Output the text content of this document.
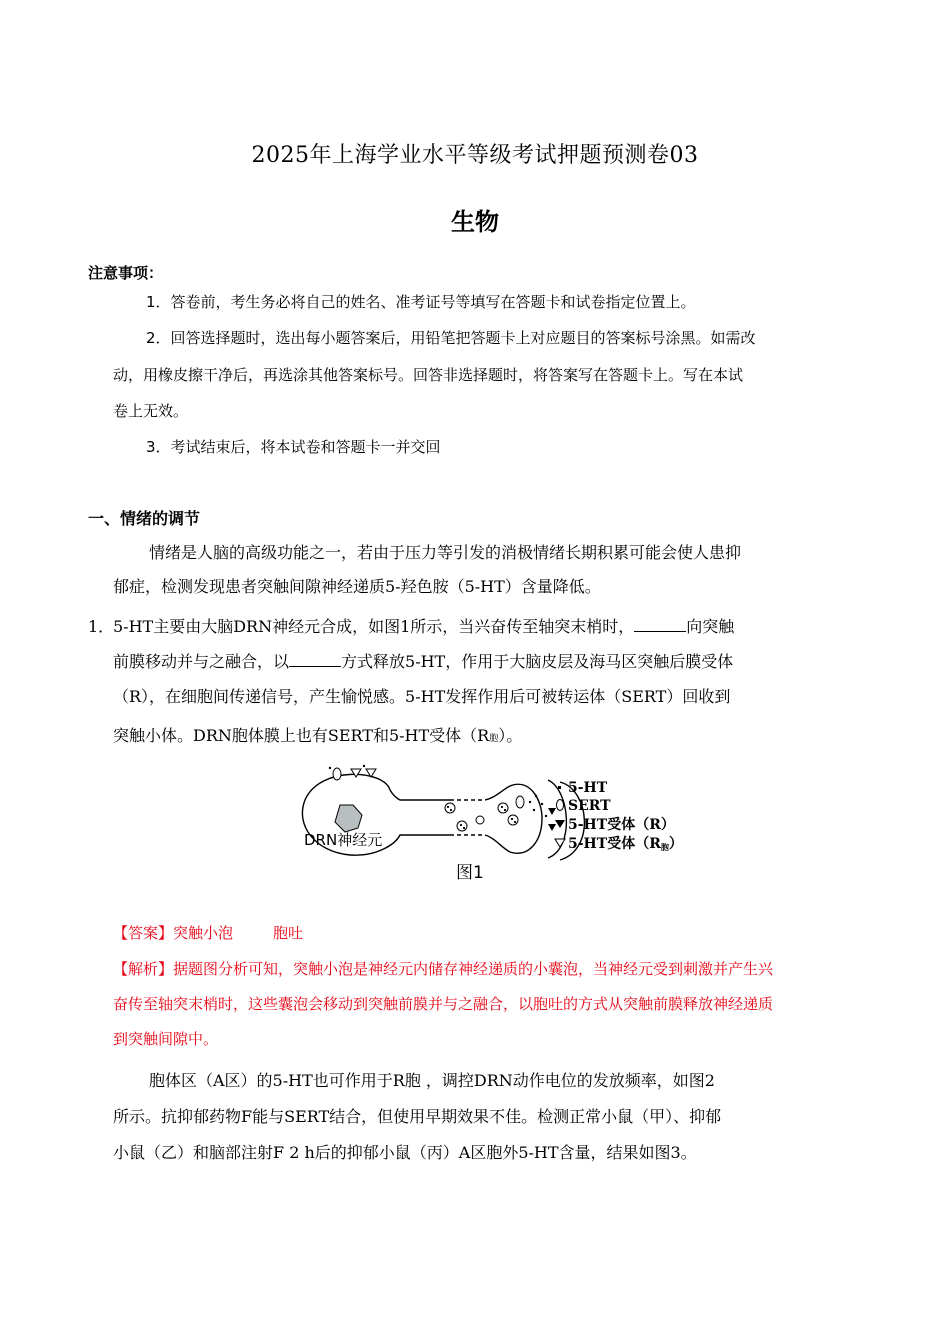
2025年上海学业水平等级考试押题预测卷03
生物
注意事项：
1．答卷前，考生务必将自己的姓名、准考证号等填写在答题卡和试卷指定位置上。
2．回答选择题时，选出每小题答案后，用铅笔把答题卡上对应题目的答案标号涂黑。如需改
动，用橡皮擦干净后，再选涂其他答案标号。回答非选择题时，将答案写在答题卡上。写在本试
卷上无效。
3．考试结束后，将本试卷和答题卡一并交回
一、情绪的调节
情绪是人脑的高级功能之一，若由于压力等引发的消极情绪长期积累可能会使人患抑
郁症，检测发现患者突触间隙神经递质5-羟色胺（5-HT）含量降低。
1．
5-HT主要由大脑DRN神经元合成，如图1所示，当兴奋传至轴突末梢时，	向突触
前膜移动并与之融合，以	方式释放5-HT，作用于大脑皮层及海马区突触后膜受体
（R），在细胞间传递信号，产生愉悦感。5-HT发挥作用后可被转运体（SERT）回收到
突触小体。DRN胞体膜上也有SERT和5-HT受体（R胞）。
DRN神经元
5-HT
SERT
5-HT受体（R）
5-HT受体（R胞）
图1
【答案】突触小泡	胞吐
【解析】据题图分析可知，突触小泡是神经元内储存神经递质的小囊泡，当神经元受到刺激并产生兴
奋传至轴突末梢时，这些囊泡会移动到突触前膜并与之融合，以胞吐的方式从突触前膜释放神经递质
到突触间隙中。
胞体区（A区）的5-HT也可作用于R胞 ，调控DRN动作电位的发放频率，如图2
所示。抗抑郁药物F能与SERT结合，但使用早期效果不佳。检测正常小鼠（甲）、抑郁
小鼠（乙）和脑部注射F 2 h后的抑郁小鼠（丙）A区胞外5-HT含量，结果如图3。
